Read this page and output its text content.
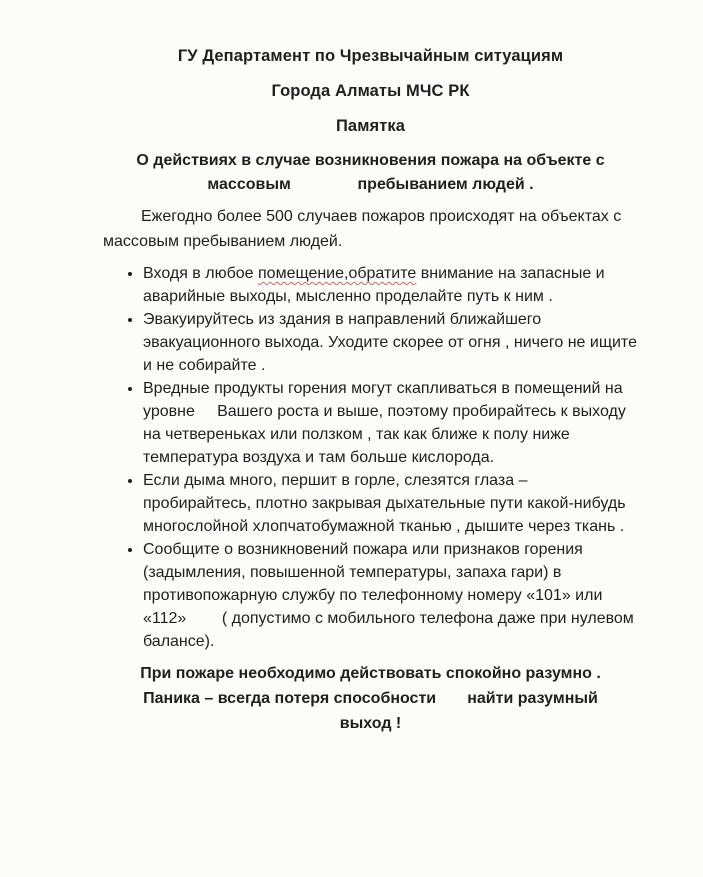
ГУ Департамент по Чрезвычайным ситуациям
Города Алматы МЧС РК
Памятка
О действиях в случае возникновения пожара на объекте с
массовым               пребыванием людей .

Ежегодно более 500 случаев пожаров происходят на объектах с массовым пребыванием людей.

• Входя в любое помещение,обратите внимание на запасные и аварийные выходы, мысленно проделайте путь к ним .
• Эвакуируйтесь из здания в направлений ближайшего эвакуационного выхода. Уходите скорее от огня , ничего не ищите и не собирайте .
• Вредные продукты горения могут скапливаться в помещений на уровне     Вашего роста и выше, поэтому пробирайтесь к выходу на четвереньках или ползком , так как ближе к полу ниже температура воздуха и там больше кислорода.
• Если дыма много, першит в горле, слезятся глаза – пробирайтесь, плотно закрывая дыхательные пути какой-нибудь многослойной хлопчатобумажной тканью , дышите через ткань .
• Сообщите о возникновений пожара или признаков горения (задымления, повышенной температуры, запаха гари) в противопожарную службу по телефонному номеру «101» или «112»        ( допустимо с мобильного телефона даже при нулевом балансе).
При пожаре необходимо действовать спокойно разумно .
Паника – всегда потеря способности       найти разумный
выход !
